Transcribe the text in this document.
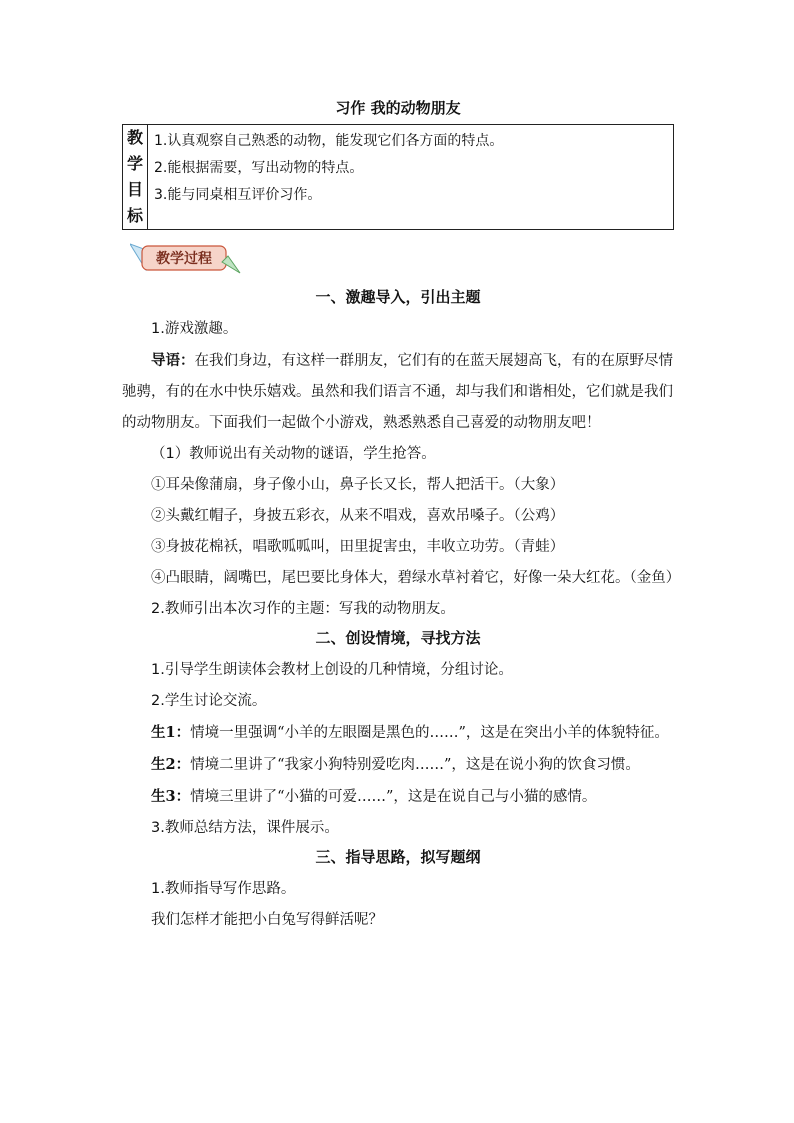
习作 我的动物朋友
教
学
目
标

1.认真观察自己熟悉的动物，能发现它们各方面的特点。
2.能根据需要，写出动物的特点。
3.能与同桌相互评价习作。
教学过程
一、激趣导入，引出主题

1.游戏激趣。

导语：在我们身边，有这样一群朋友，它们有的在蓝天展翅高飞，有的在原野尽情驰骋，有的在水中快乐嬉戏。虽然和我们语言不通，却与我们和谐相处，它们就是我们的动物朋友。下面我们一起做个小游戏，熟悉熟悉自己喜爱的动物朋友吧！

（1）教师说出有关动物的谜语，学生抢答。

①耳朵像蒲扇，身子像小山，鼻子长又长，帮人把活干。（大象）

②头戴红帽子，身披五彩衣，从来不唱戏，喜欢吊嗓子。（公鸡）

③身披花棉袄，唱歌呱呱叫，田里捉害虫，丰收立功劳。（青蛙）

④凸眼睛，阔嘴巴，尾巴要比身体大，碧绿水草衬着它，好像一朵大红花。（金鱼）

2.教师引出本次习作的主题：写我的动物朋友。

二、创设情境，寻找方法

1.引导学生朗读体会教材上创设的几种情境，分组讨论。

2.学生讨论交流。

生1：情境一里强调“小羊的左眼圈是黑色的……”，这是在突出小羊的体貌特征。

生2：情境二里讲了“我家小狗特别爱吃肉……”，这是在说小狗的饮食习惯。

生3：情境三里讲了“小猫的可爱……”，这是在说自己与小猫的感情。

3.教师总结方法，课件展示。

三、指导思路，拟写题纲

1.教师指导写作思路。

我们怎样才能把小白兔写得鲜活呢？
